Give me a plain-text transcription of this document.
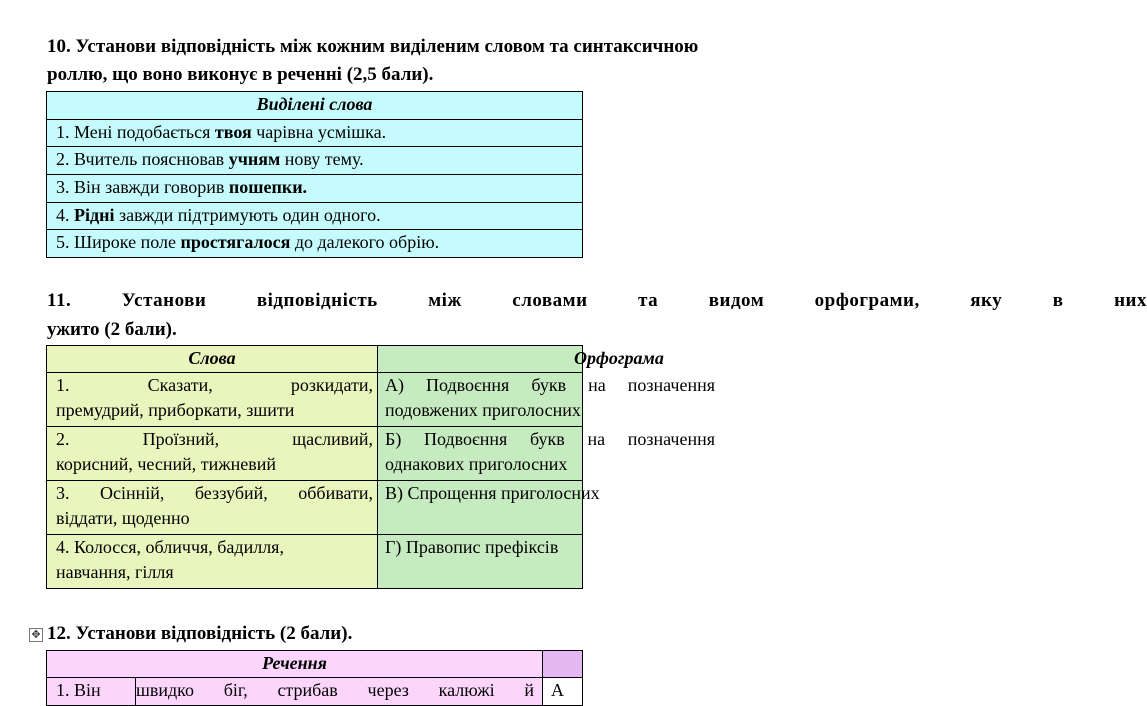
10. Установи відповідність між кожним виділеним словом та синтаксичною
роллю, що воно виконує в реченні (2,5 бали).
Виділені слова
1. Мені подобається твоя чарівна усмішка.
2. Вчитель пояснював учням нову тему.
3. Він завжди говорив пошепки.
4. Рідні завжди підтримують один одного.
5. Широке поле простягалося до далекого обрію.
11. Установи відповідність між словами та видом орфограми, яку в них
ужито (2 бали).
Слова	Орфограма

1. Сказати, розкидати,
премудрий, приборкати, зшити	А) Подвоєння букв на позначення
подовжених приголосних

2. Проїзний, щасливий,
корисний, чесний, тижневий	Б) Подвоєння букв на позначення
однакових приголосних

3. Осінній, беззубий, оббивати,
віддати, щоденно	В) Спрощення приголосних
4. Колосся, обличчя, бадилля,
навчання, гілля	Г) Правопис префіксів
✥ 12. Установи відповідність (2 бали).
Речення		
1. Він	швидко біг, стрибав через калюжі й	А
